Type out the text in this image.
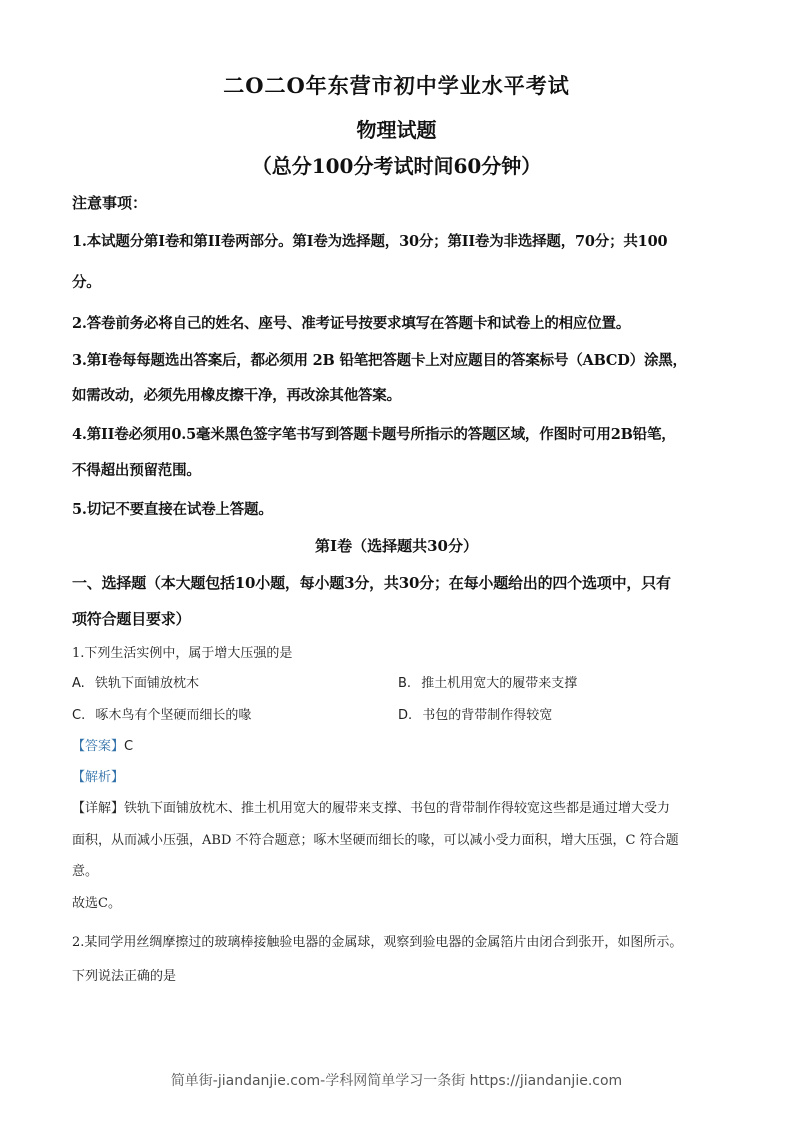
二O二O年东营市初中学业水平考试
物理试题
（总分100分考试时间60分钟）
注意事项：
1.本试题分第I卷和第II卷两部分。第I卷为选择题，30分；第II卷为非选择题，70分；共100
分。
2.答卷前务必将自己的姓名、座号、准考证号按要求填写在答题卡和试卷上的相应位置。
3.第I卷每每题选出答案后，都必须用 2B 铅笔把答题卡上对应题目的答案标号（ABCD）涂黑，
如需改动，必须先用橡皮擦干净，再改涂其他答案。
4.第II卷必须用0.5毫米黑色签字笔书写到答题卡题号所指示的答题区域，作图时可用2B铅笔，
不得超出预留范围。
5.切记不要直接在试卷上答题。
第I卷（选择题共30分）
一、选择题（本大题包括10小题，每小题3分，共30分；在每小题给出的四个选项中，只有
项符合题目要求）
1.下列生活实例中，属于增大压强的是
A. 铁轨下面铺放枕木	B. 推土机用宽大的履带来支撑
C. 啄木鸟有个坚硬而细长的喙	D. 书包的背带制作得较宽
【答案】C
【解析】
【详解】铁轨下面铺放枕木、推土机用宽大的履带来支撑、书包的背带制作得较宽这些都是通过增大受力
面积，从而减小压强，ABD 不符合题意；啄木坚硬而细长的喙，可以减小受力面积，增大压强，C 符合题
意。
故选C。
2.某同学用丝绸摩擦过的玻璃棒接触验电器的金属球，观察到验电器的金属箔片由闭合到张开，如图所示。
下列说法正确的是
简单街-jiandanjie.com-学科网简单学习一条街 https://jiandanjie.com
